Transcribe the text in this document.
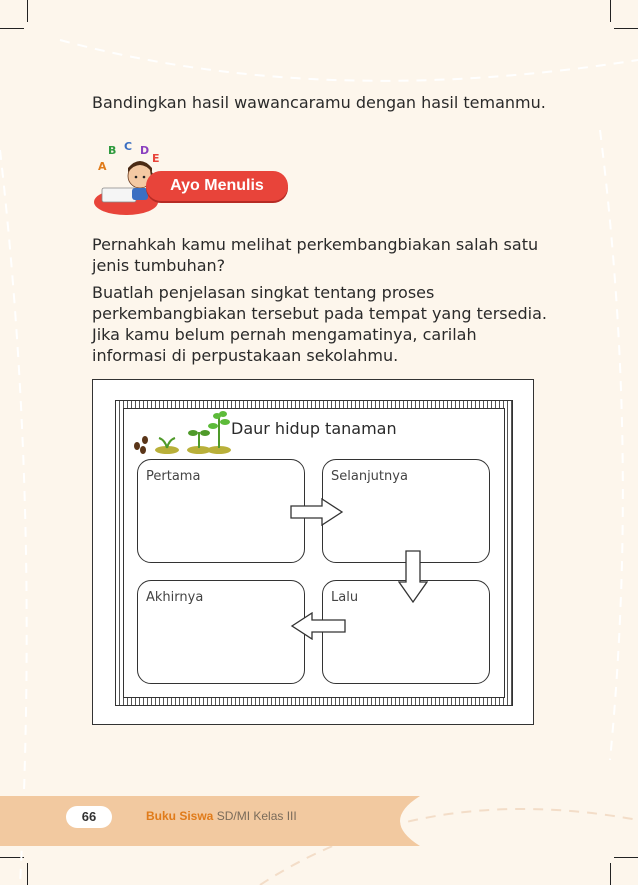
Bandingkan hasil wawancaramu dengan hasil temanmu.

A
B C D
E
Ayo Menulis

Pernahkah kamu melihat perkembangbiakan salah satu jenis tumbuhan?

Buatlah penjelasan singkat tentang proses perkembangbiakan tersebut pada tempat yang tersedia. Jika kamu belum pernah mengamatinya, carilah informasi di perpustakaan sekolahmu.

Daur hidup tanaman
Pertama	Selanjutnya
Akhirnya	Lalu
66	Buku Siswa SD/MI Kelas III
